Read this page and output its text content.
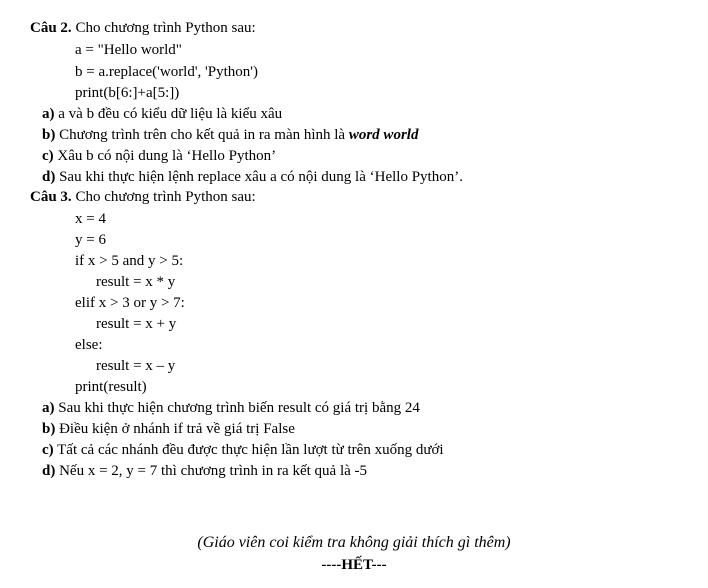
Câu 2. Cho chương trình Python sau:
a = "Hello world"
b = a.replace('world', 'Python')
print(b[6:]+a[5:])
a) a và b đều có kiểu dữ liệu là kiểu xâu
b) Chương trình trên cho kết quả in ra màn hình là word world
c) Xâu b có nội dung là ‘Hello Python’
d) Sau khi thực hiện lệnh replace xâu a có nội dung là ‘Hello Python’.
Câu 3. Cho chương trình Python sau:
x = 4
y = 6
if x > 5 and y > 5:
result = x * y
elif x > 3 or y > 7:
result = x + y
else:
result = x – y
print(result)
a) Sau khi thực hiện chương trình biến result có giá trị bằng 24
b) Điều kiện ở nhánh if trả về giá trị False
c) Tất cả các nhánh đều được thực hiện lần lượt từ trên xuống dưới
d) Nếu x = 2, y = 7 thì chương trình in ra kết quả là -5
(Giáo viên coi kiểm tra không giải thích gì thêm)
----HẾT---
